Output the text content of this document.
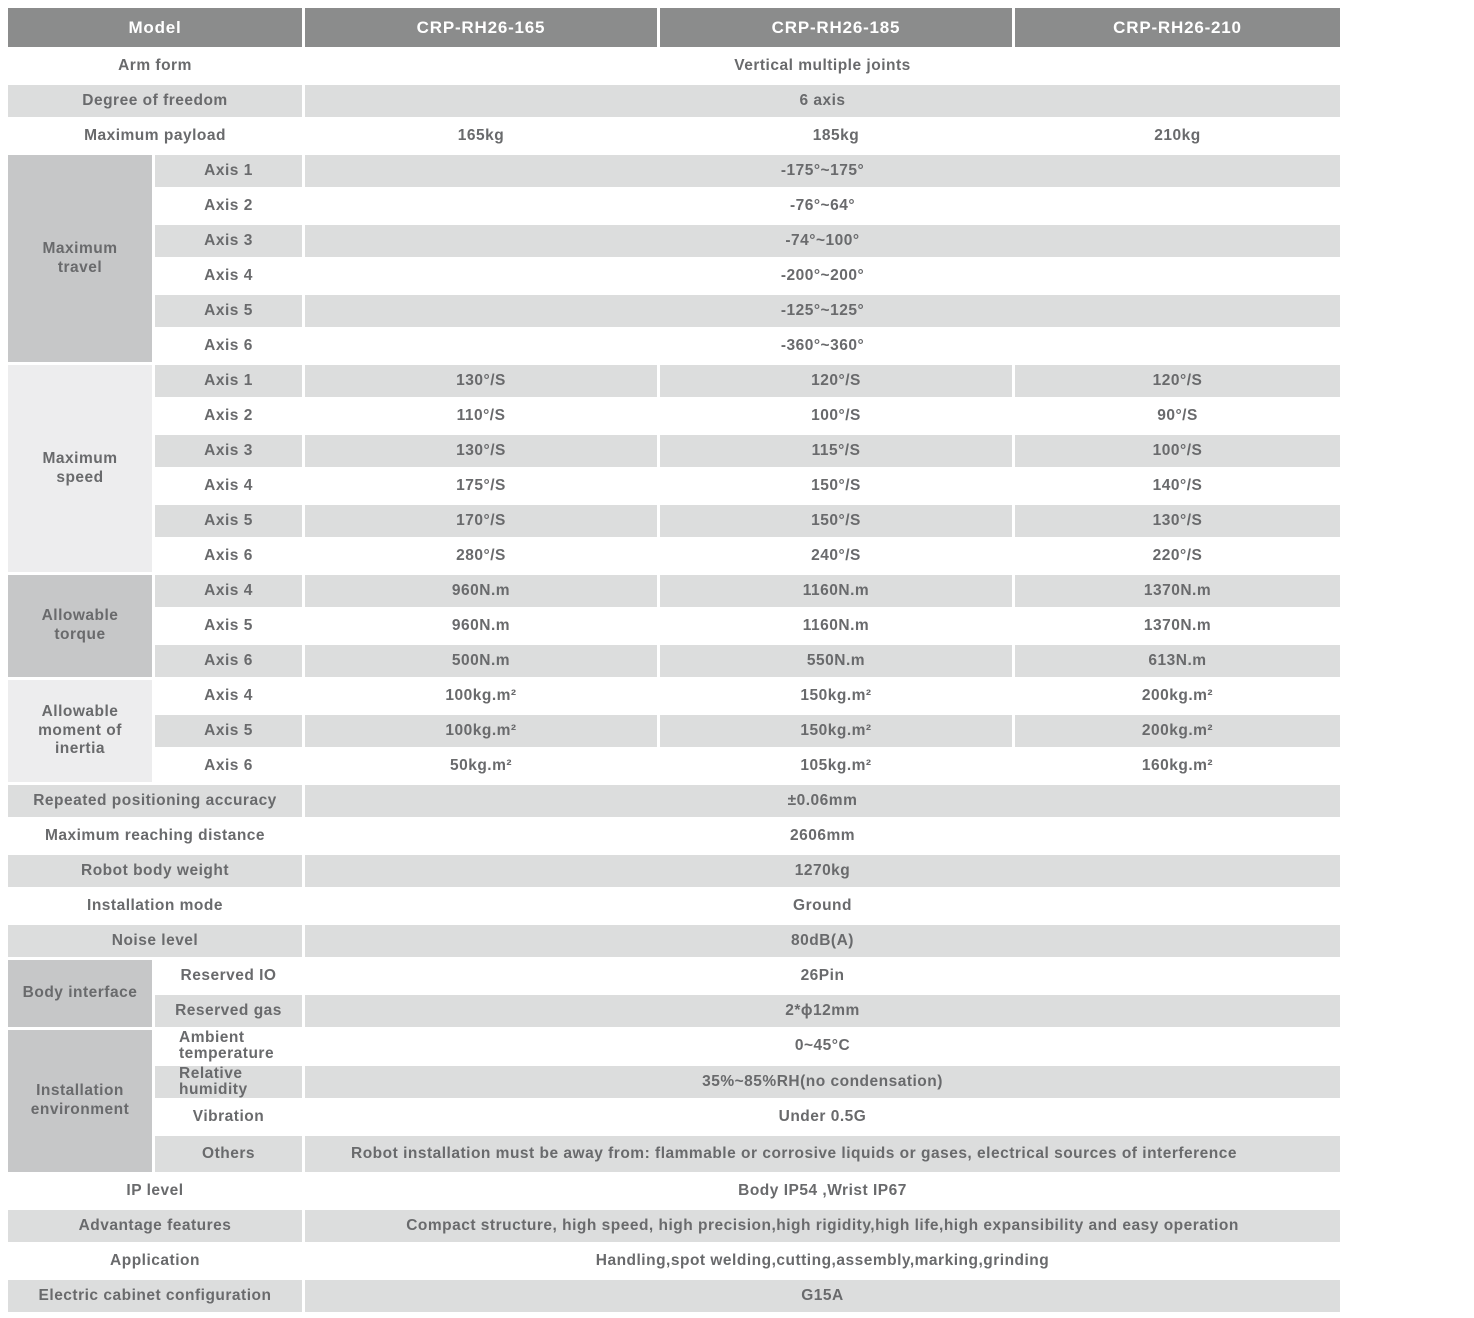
Model		CRP-RH26-165	CRP-RH26-185	CRP-RH26-210
Arm form		Vertical multiple joints		
Degree of freedom		6 axis		
Maximum payload		165kg	185kg	210kg
Maximum travel	Axis 1	-175°~175°		
	Axis 2	-76°~64°		
	Axis 3	-74°~100°		
	Axis 4	-200°~200°		
	Axis 5	-125°~125°		
	Axis 6	-360°~360°		
Maximum speed	Axis 1	130°/S	120°/S	120°/S
	Axis 2	110°/S	100°/S	90°/S
	Axis 3	130°/S	115°/S	100°/S
	Axis 4	175°/S	150°/S	140°/S
	Axis 5	170°/S	150°/S	130°/S
	Axis 6	280°/S	240°/S	220°/S
Allowable torque	Axis 4	960N.m	1160N.m	1370N.m
	Axis 5	960N.m	1160N.m	1370N.m
	Axis 6	500N.m	550N.m	613N.m
Allowable moment of inertia	Axis 4	100kg.m²	150kg.m²	200kg.m²
	Axis 5	100kg.m²	150kg.m²	200kg.m²
	Axis 6	50kg.m²	105kg.m²	160kg.m²
Repeated positioning accuracy		±0.06mm		
Maximum reaching distance		2606mm		
Robot body weight		1270kg		
Installation mode		Ground		
Noise level		80dB(A)		
Body interface	Reserved IO	26Pin		
	Reserved gas	2*ϕ12mm		
Installation environment	Ambient temperature	0~45°C		
	Relative humidity	35%~85%RH(no condensation)		
	Vibration	Under 0.5G		
	Others	Robot installation must be away from: flammable or corrosive liquids or gases, electrical sources of interference		
IP level		Body IP54 ,Wrist IP67		
Advantage features		Compact structure, high speed, high precision,high rigidity,high life,high expansibility and easy operation		
Application		Handling,spot welding,cutting,assembly,marking,grinding		
Electric cabinet configuration		G15A		
